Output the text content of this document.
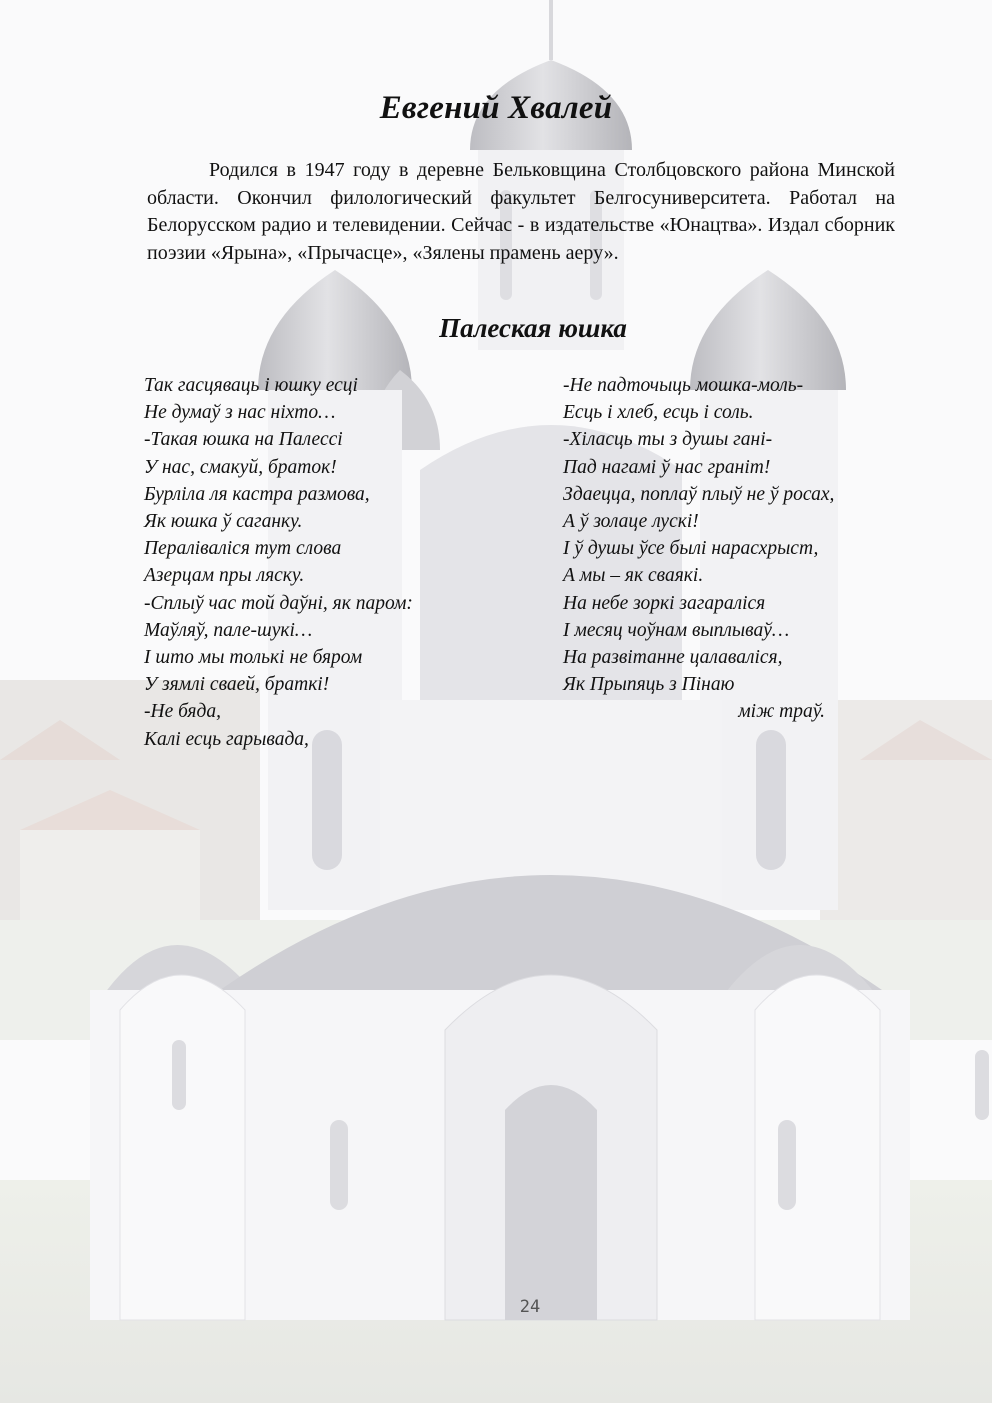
Евгений Хвалей

Родился в 1947 году в деревне Бельковщина Столбцовского района Минской области. Окончил филологический факультет Белгосуниверситета. Работал на Белорусском радио и телевидении. Сейчас - в издательстве «Юнацтва». Издал сборник поэзии «Ярына», «Прычасце», «Зялены прамень аеру».

Палеская юшка
Так гасцяваць і юшку есці
Не думаў з нас ніхто…
-Такая юшка на Палессі
У нас, смакуй, браток!
Бурліла ля кастра размова,
Як юшка ў саганку.
Пераліваліся тут слова
Азерцам пры ляску.
-Сплыў час той даўні, як паром:
Маўляў, пале-шукі…
І што мы толькі не бяром
У зямлі сваей, браткі!
-Не бяда,
Калі есць гарывада,
-Не падточыць мошка-моль-
Есць і хлеб, есць і соль.
-Хіласць ты з душы гані-
Пад нагамі ў нас граніт!
Здаецца, поплаў плыў не ў росах,
А ў золаце лускі!
І ў душы ўсе былі нарасхрыст,
А мы – як сваякі.
На небе зоркі загараліся
І месяц чоўнам выплываў…
На развітанне цалаваліся,
Як Прыпяць з Пінаю
між траў.
24
